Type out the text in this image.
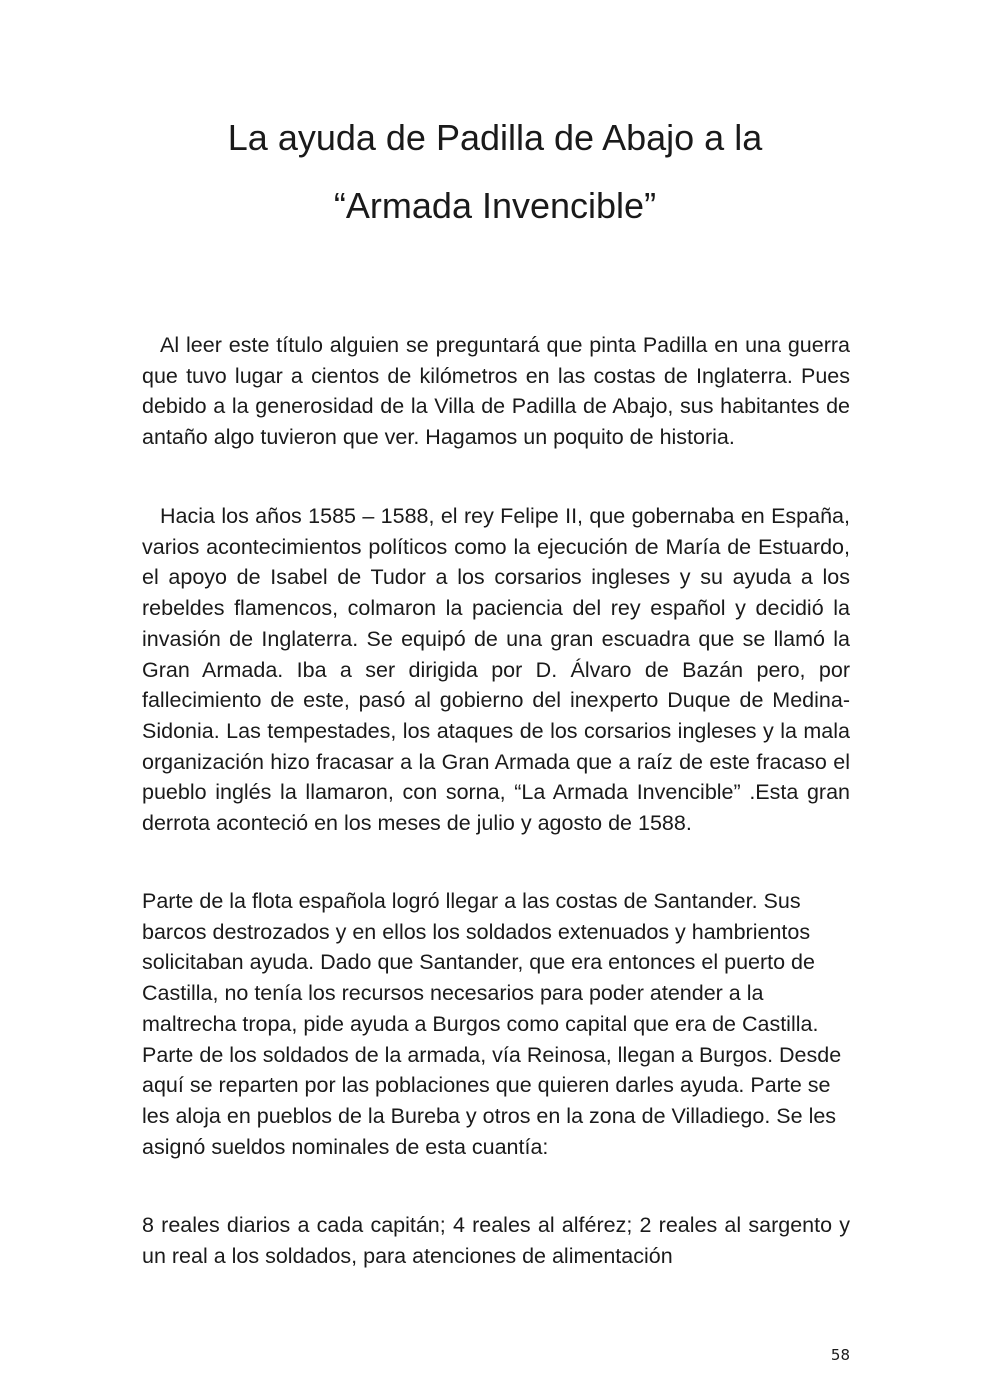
La ayuda de Padilla de Abajo a la
“Armada Invencible”

Al leer este título alguien se preguntará que pinta Padilla en una guerra que tuvo lugar a cientos de kilómetros en las costas de Inglaterra. Pues debido a la generosidad de la Villa de Padilla de Abajo, sus habitantes de antaño algo tuvieron que ver. Hagamos un poquito de historia.

Hacia los años 1585 – 1588, el rey Felipe II, que gobernaba en España, varios acontecimientos políticos como la ejecución de María de Estuardo, el apoyo de Isabel de Tudor a los corsarios ingleses y su ayuda a los rebeldes flamencos, colmaron la paciencia del rey español y decidió la invasión de Inglaterra. Se equipó de una gran escuadra que se llamó la Gran Armada. Iba a ser dirigida por D. Álvaro de Bazán pero, por fallecimiento de este, pasó al gobierno del inexperto Duque de Medina-Sidonia. Las tempestades, los ataques de los corsarios ingleses y la mala organización hizo fracasar a la Gran Armada que a raíz de este fracaso el pueblo inglés la llamaron, con sorna, “La Armada Invencible” .Esta gran derrota aconteció en los meses de julio y agosto de 1588.

Parte de la flota española logró llegar a las costas de Santander. Sus barcos destrozados y en ellos los soldados extenuados y hambrientos solicitaban ayuda. Dado que Santander, que era entonces el puerto de Castilla, no tenía los recursos necesarios para poder atender a la maltrecha tropa, pide ayuda a Burgos como capital que era de Castilla. Parte de los soldados de la armada, vía Reinosa, llegan a Burgos. Desde aquí se reparten por las poblaciones que quieren darles ayuda. Parte se les aloja en pueblos de la Bureba y otros en la zona de Villadiego. Se les asignó sueldos nominales de esta cuantía:

8 reales diarios a cada capitán; 4 reales al alférez; 2 reales al sargento y un real a los soldados, para atenciones de alimentación

58
